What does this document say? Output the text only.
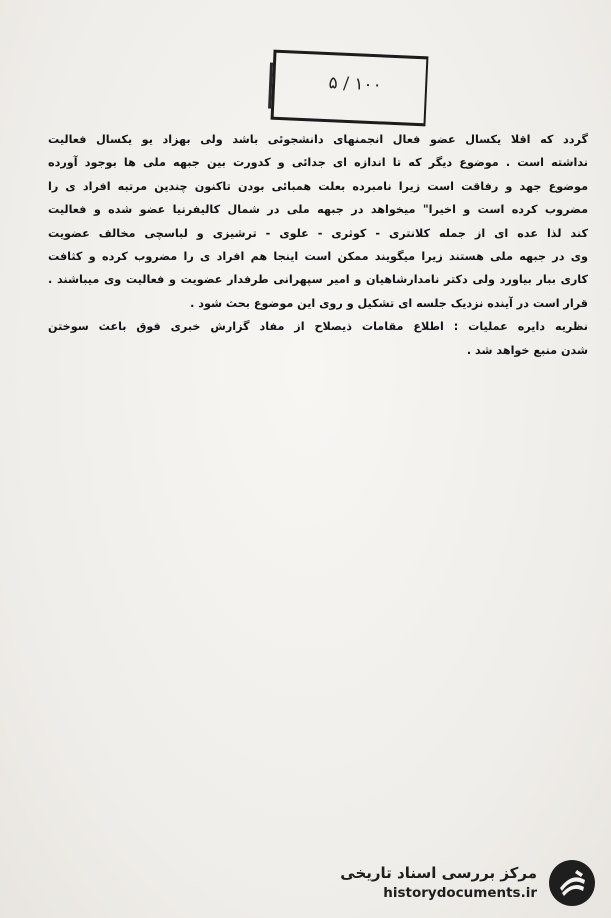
۱۰۰ / ۵
گردد که اقلا یکسال عضو فعال انجمنهای دانشجوئی باشد ولی بهزاد یو یکسال فعالیت
نداشته است . موضوع دیگر که تا اندازه ای جدائی و کدورت بین جبهه ملی ها بوجود آورده
موضوع جهد و رفاقت است زیرا نامبرده بعلت همبائی بودن تاکنون چندین مرتبه افراد ی را
مضروب کرده است و اخیرا" میخواهد در جبهه ملی در شمال کالیفرنیا عضو شده و فعالیت
کند لذا عده ای از جمله کلانتری - کوثری - علوی - ترشیزی و لباسچی مخالف عضویت
وی در جبهه ملی هستند زیرا میگویند ممکن است اینجا هم افراد ی را مضروب کرده و کثافت
کاری ببار بیاورد ولی دکتر نامدارشاهیان و امیر سپهرانی طرفدار عضویت و فعالیت وی میباشند .
قرار است در آینده نزدیک جلسه ای تشکیل و روی این موضوع بحث شود .
نظریه دایره عملیات : اطلاع مقامات ذیصلاح از مفاد گزارش خبری فوق باعث سوختن
شدن منبع خواهد شد .
مرکز بررسی اسناد تاریخی
historydocuments.ir
